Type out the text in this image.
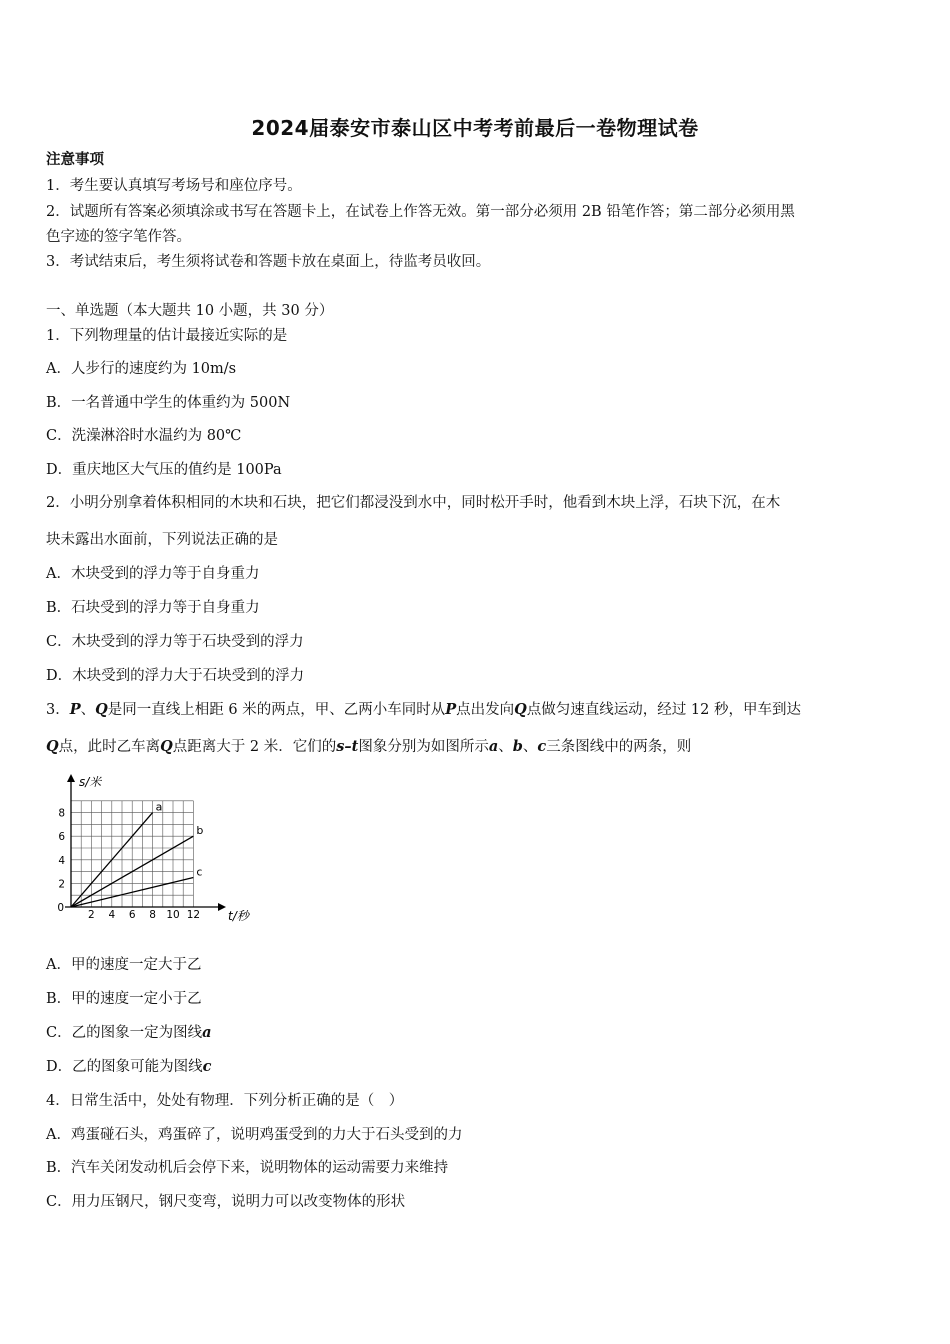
2024届泰安市泰山区中考考前最后一卷物理试卷
注意事项
1．考生要认真填写考场号和座位序号。
2．试题所有答案必须填涂或书写在答题卡上，在试卷上作答无效。第一部分必须用 2B 铅笔作答；第二部分必须用黑
色字迹的签字笔作答。
3．考试结束后，考生须将试卷和答题卡放在桌面上，待监考员收回。
一、单选题（本大题共 10 小题，共 30 分）
1．下列物理量的估计最接近实际的是
A．人步行的速度约为 10m/s
B．一名普通中学生的体重约为 500N
C．洗澡淋浴时水温约为 80℃
D．重庆地区大气压的值约是 100Pa
2．小明分别拿着体积相同的木块和石块，把它们都浸没到水中，同时松开手时，他看到木块上浮，石块下沉，在木
块未露出水面前，下列说法正确的是
A．木块受到的浮力等于自身重力
B．石块受到的浮力等于自身重力
C．木块受到的浮力等于石块受到的浮力
D．木块受到的浮力大于石块受到的浮力
3．P、Q是同一直线上相距 6 米的两点，甲、乙两小车同时从P点出发向Q点做匀速直线运动，经过 12 秒，甲车到达
Q点，此时乙车离Q点距离大于 2 米．它们的s–t图象分别为如图所示a、b、c三条图线中的两条，则
a
b
c
2 4 6 8 10 12
2
4
6
8
0
s/米
t/秒
A．甲的速度一定大于乙
B．甲的速度一定小于乙
C．乙的图象一定为图线a
D．乙的图象可能为图线c
4．日常生活中，处处有物理．下列分析正确的是（　）
A．鸡蛋碰石头，鸡蛋碎了，说明鸡蛋受到的力大于石头受到的力
B．汽车关闭发动机后会停下来，说明物体的运动需要力来维持
C．用力压钢尺，钢尺变弯，说明力可以改变物体的形状
